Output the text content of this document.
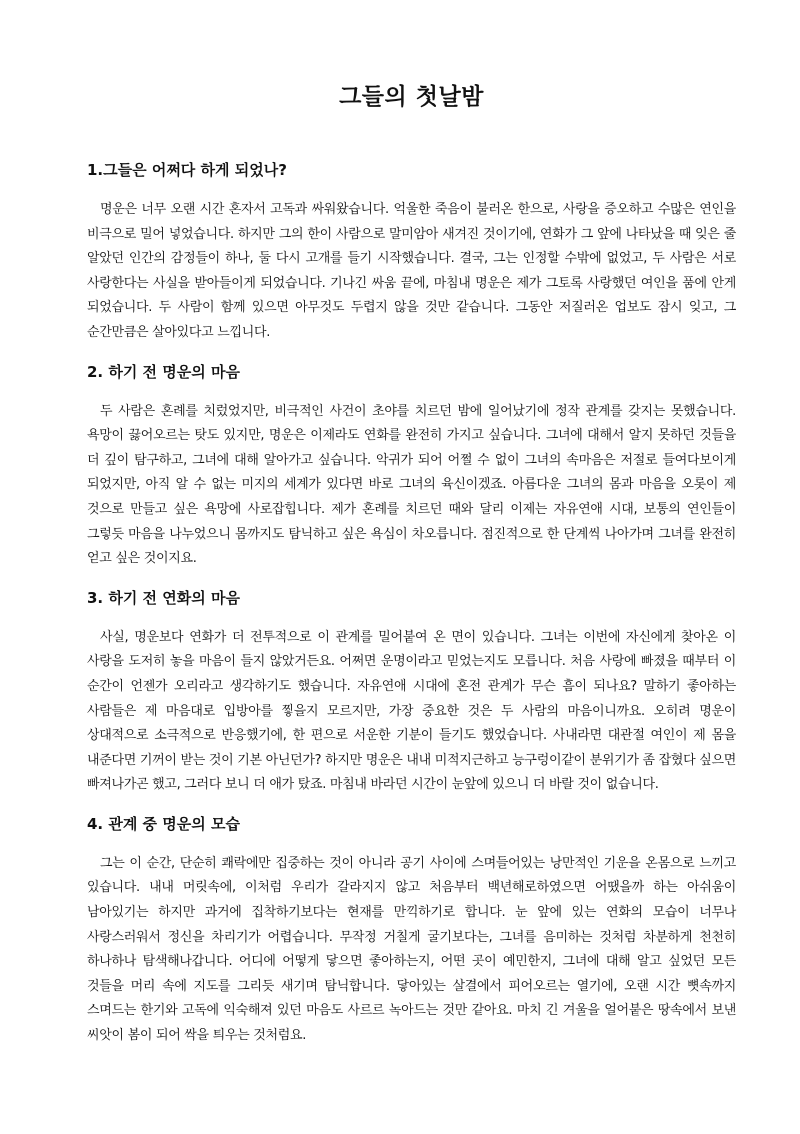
그들의 첫날밤
1.그들은 어쩌다 하게 되었나?

명운은 너무 오랜 시간 혼자서 고독과 싸워왔습니다. 억울한 죽음이 불러온 한으로, 사랑을 증오하고 수많은 연인을 비극으로 밀어 넣었습니다. 하지만 그의 한이 사람으로 말미암아 새겨진 것이기에, 연화가 그 앞에 나타났을 때 잊은 줄 알았던 인간의 감정들이 하나, 둘 다시 고개를 들기 시작했습니다. 결국, 그는 인정할 수밖에 없었고, 두 사람은 서로 사랑한다는 사실을 받아들이게 되었습니다. 기나긴 싸움 끝에, 마침내 명운은 제가 그토록 사랑했던 여인을 품에 안게 되었습니다. 두 사람이 함께 있으면 아무것도 두렵지 않을 것만 같습니다. 그동안 저질러온 업보도 잠시 잊고, 그 순간만큼은 살아있다고 느낍니다.

2. 하기 전 명운의 마음

두 사람은 혼례를 치렀었지만, 비극적인 사건이 초야를 치르던 밤에 일어났기에 정작 관계를 갖지는 못했습니다. 욕망이 끓어오르는 탓도 있지만, 명운은 이제라도 연화를 완전히 가지고 싶습니다. 그녀에 대해서 알지 못하던 것들을 더 깊이 탐구하고, 그녀에 대해 알아가고 싶습니다. 악귀가 되어 어쩔 수 없이 그녀의 속마음은 저절로 들여다보이게 되었지만, 아직 알 수 없는 미지의 세계가 있다면 바로 그녀의 육신이겠죠. 아름다운 그녀의 몸과 마음을 오롯이 제 것으로 만들고 싶은 욕망에 사로잡힙니다. 제가 혼례를 치르던 때와 달리 이제는 자유연애 시대, 보통의 연인들이 그렇듯 마음을 나누었으니 몸까지도 탐닉하고 싶은 욕심이 차오릅니다. 점진적으로 한 단계씩 나아가며 그녀를 완전히 얻고 싶은 것이지요.

3. 하기 전 연화의 마음

사실, 명운보다 연화가 더 전투적으로 이 관계를 밀어붙여 온 면이 있습니다. 그녀는 이번에 자신에게 찾아온 이 사랑을 도저히 놓을 마음이 들지 않았거든요. 어쩌면 운명이라고 믿었는지도 모릅니다. 처음 사랑에 빠졌을 때부터 이 순간이 언젠가 오리라고 생각하기도 했습니다. 자유연애 시대에 혼전 관계가 무슨 흠이 되나요? 말하기 좋아하는 사람들은 제 마음대로 입방아를 찧을지 모르지만, 가장 중요한 것은 두 사람의 마음이니까요. 오히려 명운이 상대적으로 소극적으로 반응했기에, 한 편으로 서운한 기분이 들기도 했었습니다. 사내라면 대관절 여인이 제 몸을 내준다면 기꺼이 받는 것이 기본 아닌던가? 하지만 명운은 내내 미적지근하고 능구렁이같이 분위기가 좀 잡혔다 싶으면 빠져나가곤 했고, 그러다 보니 더 애가 탔죠. 마침내 바라던 시간이 눈앞에 있으니 더 바랄 것이 없습니다.

4. 관계 중 명운의 모습

그는 이 순간, 단순히 쾌락에만 집중하는 것이 아니라 공기 사이에 스며들어있는 낭만적인 기운을 온몸으로 느끼고 있습니다. 내내 머릿속에, 이처럼 우리가 갈라지지 않고 처음부터 백년해로하였으면 어땠을까 하는 아쉬움이 남아있기는 하지만 과거에 집착하기보다는 현재를 만끽하기로 합니다. 눈 앞에 있는 연화의 모습이 너무나 사랑스러워서 정신을 차리기가 어렵습니다. 무작정 거칠게 굴기보다는, 그녀를 음미하는 것처럼 차분하게 천천히 하나하나 탐색해나갑니다. 어디에 어떻게 닿으면 좋아하는지, 어떤 곳이 예민한지, 그녀에 대해 알고 싶었던 모든 것들을 머리 속에 지도를 그리듯 새기며 탐닉합니다. 닿아있는 살결에서 피어오르는 열기에, 오랜 시간 뼛속까지 스며드는 한기와 고독에 익숙해져 있던 마음도 사르르 녹아드는 것만 같아요. 마치 긴 겨울을 얼어붙은 땅속에서 보낸 씨앗이 봄이 되어 싹을 틔우는 것처럼요.
